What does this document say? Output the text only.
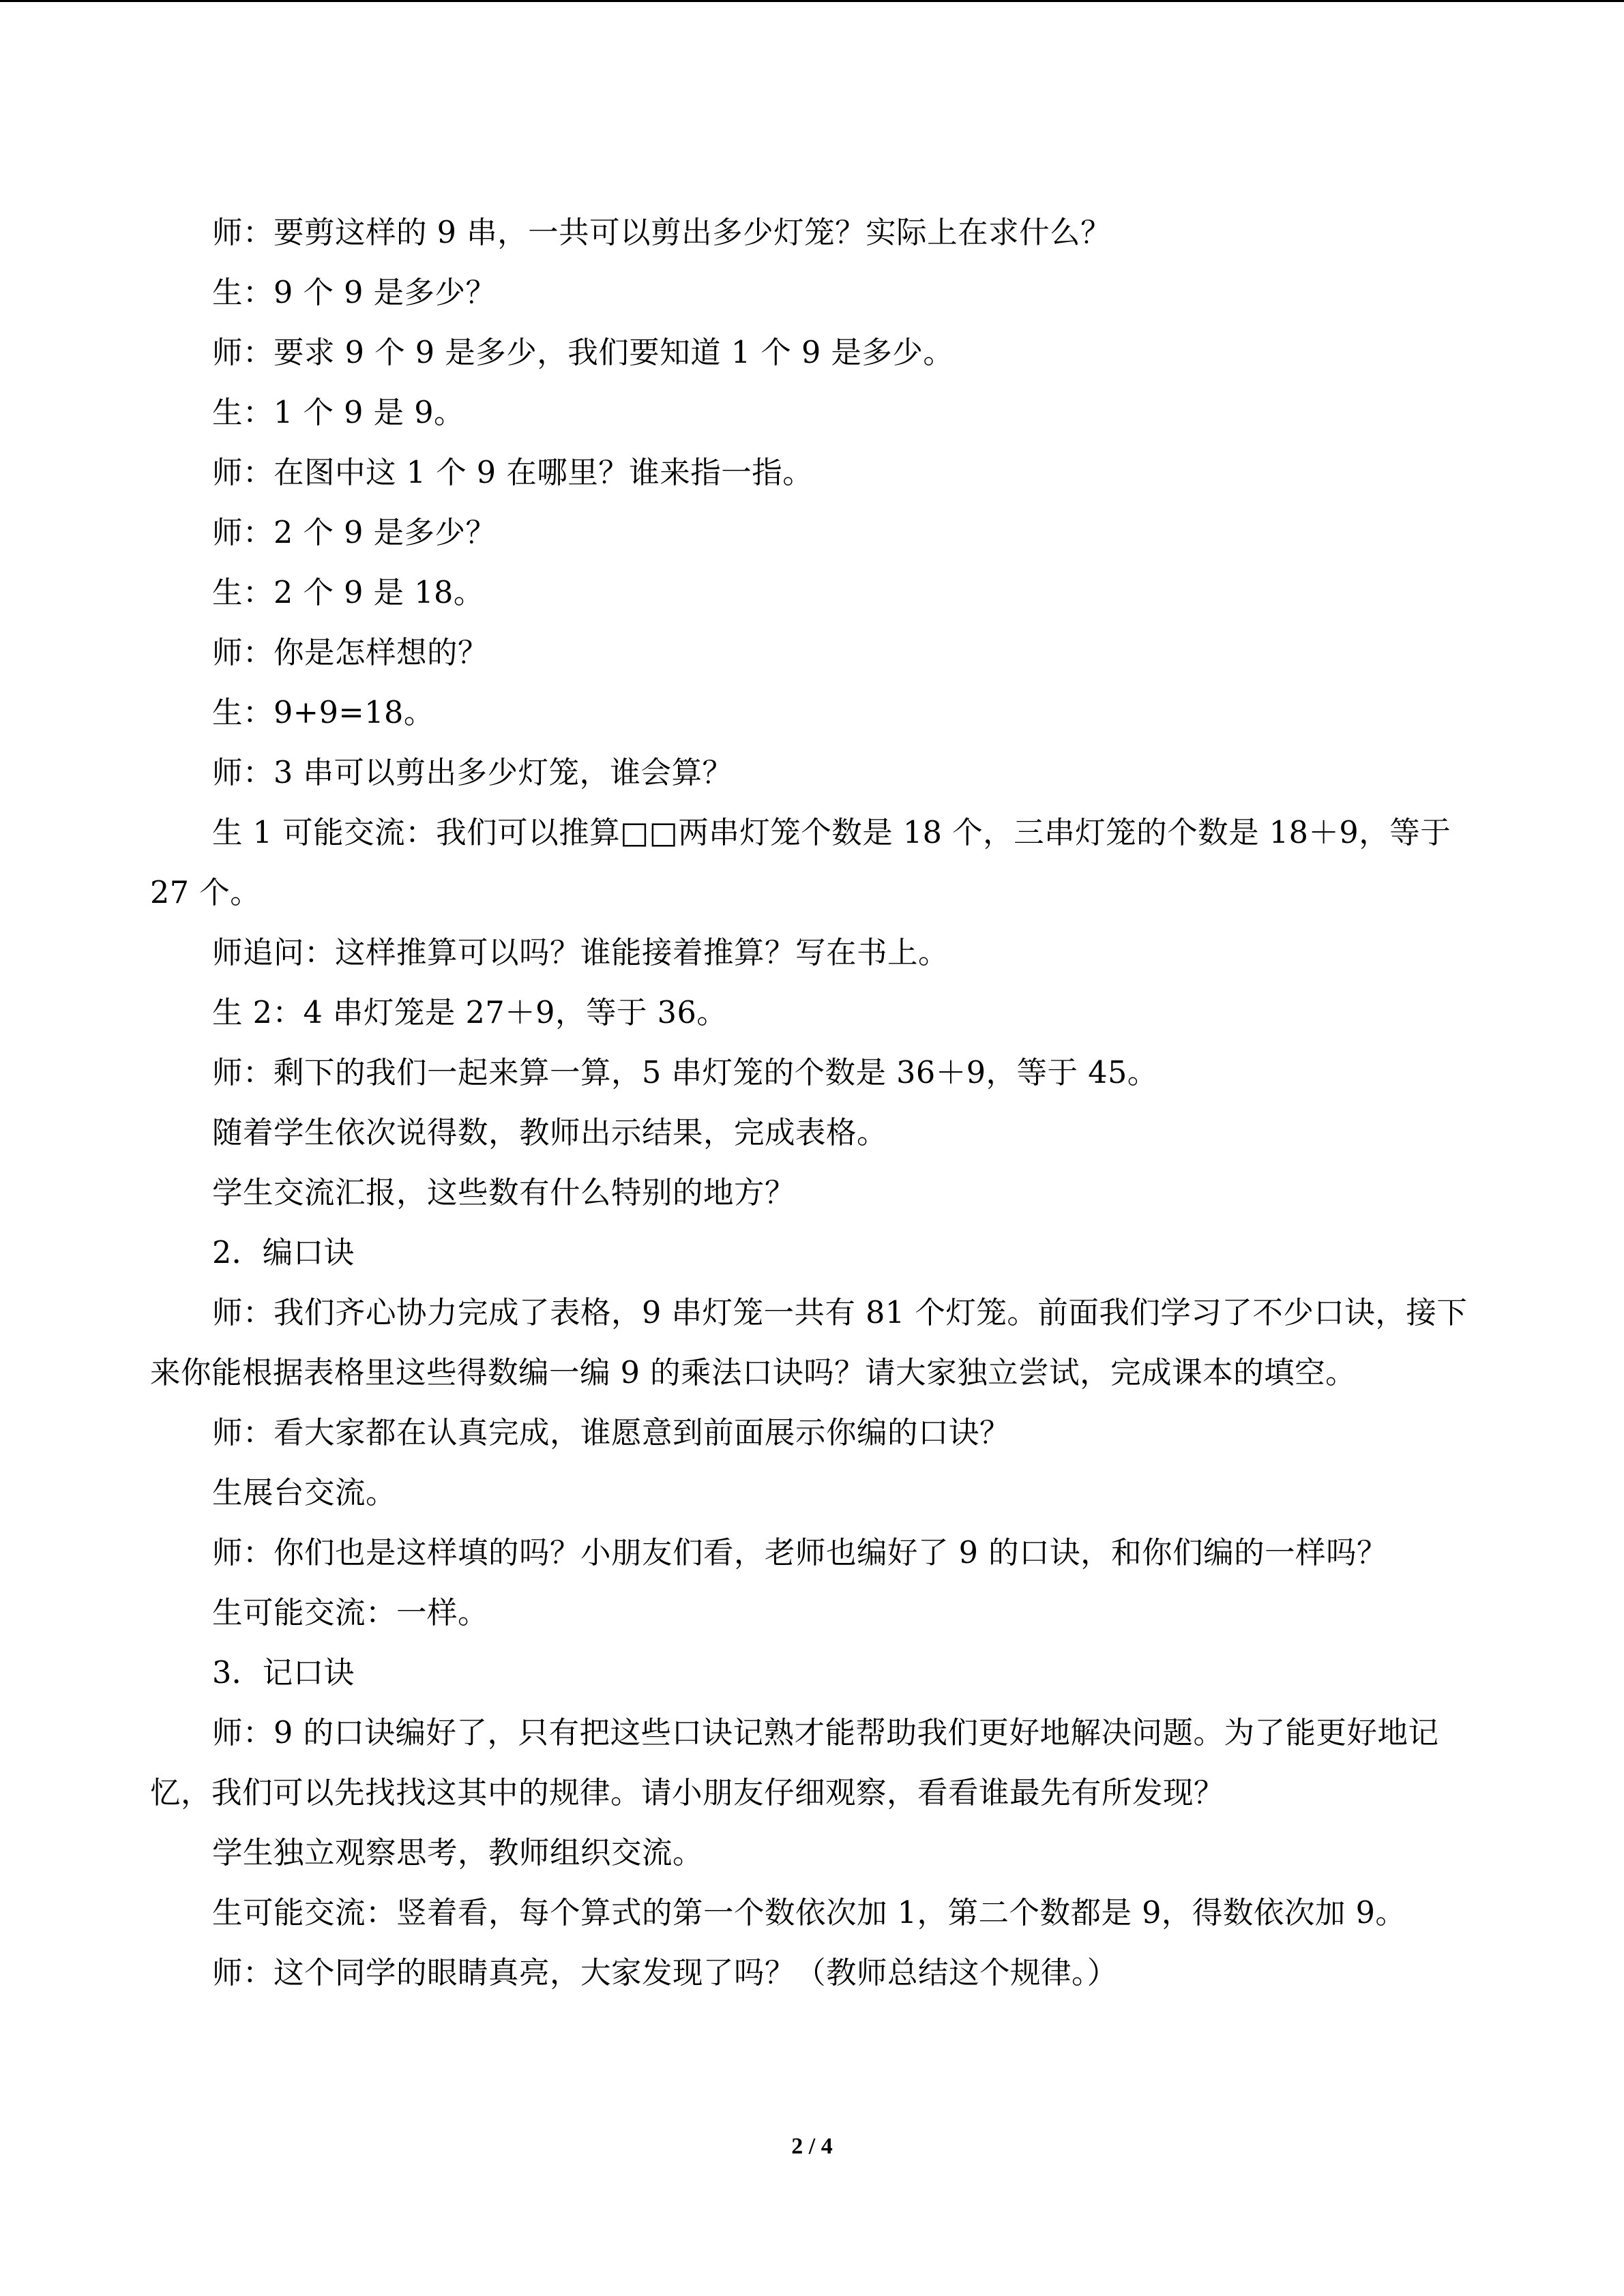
师：要剪这样的 9 串，一共可以剪出多少灯笼？实际上在求什么？

生：9 个 9 是多少？

师：要求 9 个 9 是多少，我们要知道 1 个 9 是多少。

生：1 个 9 是 9。

师：在图中这 1 个 9 在哪里？谁来指一指。

师：2 个 9 是多少？

生：2 个 9 是 18。

师：你是怎样想的？

生：9+9=18。

师：3 串可以剪出多少灯笼，谁会算？

生 1 可能交流：我们可以推算□□两串灯笼个数是 18 个，三串灯笼的个数是 18＋9，等于 27 个。

师追问：这样推算可以吗？谁能接着推算？写在书上。

生 2：4 串灯笼是 27＋9，等于 36。

师：剩下的我们一起来算一算，5 串灯笼的个数是 36＋9，等于 45。

随着学生依次说得数，教师出示结果，完成表格。

学生交流汇报，这些数有什么特别的地方？

2．编口诀

师：我们齐心协力完成了表格，9 串灯笼一共有 81 个灯笼。前面我们学习了不少口诀，接下来你能根据表格里这些得数编一编 9 的乘法口诀吗？请大家独立尝试，完成课本的填空。

师：看大家都在认真完成，谁愿意到前面展示你编的口诀？

生展台交流。

师：你们也是这样填的吗？小朋友们看，老师也编好了 9 的口诀，和你们编的一样吗？

生可能交流：一样。

3．记口诀

师：9 的口诀编好了，只有把这些口诀记熟才能帮助我们更好地解决问题。为了能更好地记忆，我们可以先找找这其中的规律。请小朋友仔细观察，看看谁最先有所发现？

学生独立观察思考，教师组织交流。

生可能交流：竖着看，每个算式的第一个数依次加 1，第二个数都是 9，得数依次加 9。

师：这个同学的眼睛真亮，大家发现了吗？（教师总结这个规律。）

2 / 4
